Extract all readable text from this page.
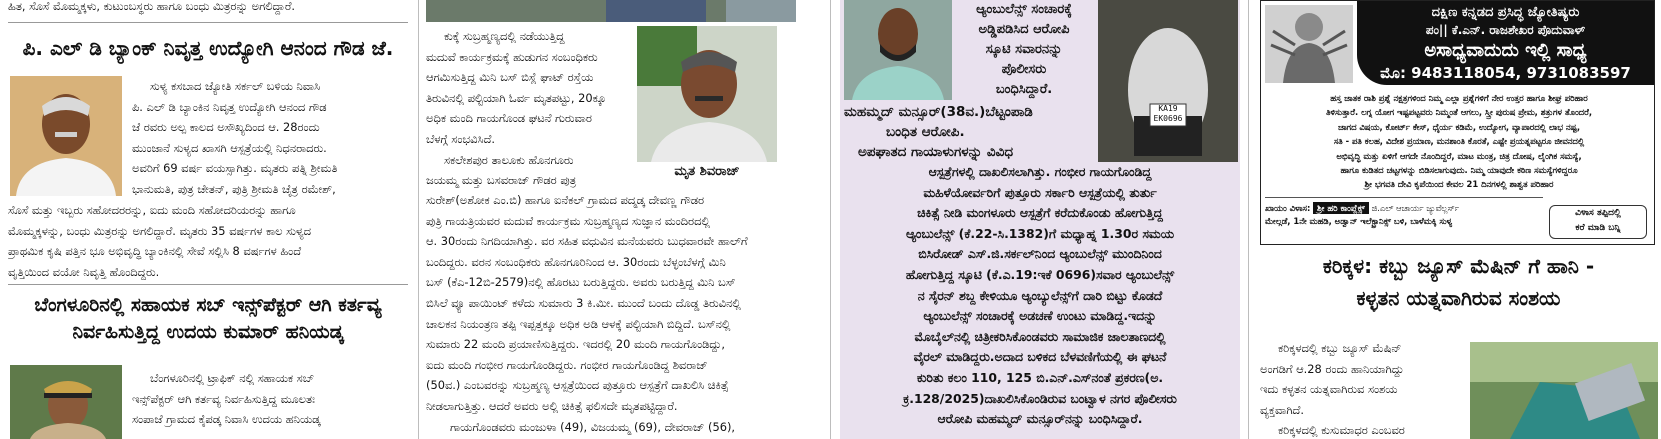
ಹಿತ, ಸೊಸೆ ಮೊಮ್ಮಕ್ಕಳು, ಕುಟುಂಬಸ್ಥರು ಹಾಗೂ ಬಂಧು ಮಿತ್ರರನ್ನು ಅಗಲಿದ್ದಾರೆ.

ಪಿ. ಎಲ್ ಡಿ ಬ್ಯಾಂಕ್ ನಿವೃತ್ತ ಉದ್ಯೋಗಿ ಆನಂದ ಗೌಡ ಜೆ.

ಸುಳ್ಯ ಕಸಬಾದ ಜ್ಯೋತಿ ಸರ್ಕಲ್ ಬಳಿಯ ನಿವಾಸಿ

ಪಿ. ಎಲ್ ಡಿ ಬ್ಯಾಂಕಿನ ನಿವೃತ್ತ ಉದ್ಯೋಗಿ ಆನಂದ ಗೌಡ

ಜೆ ರವರು ಅಲ್ಪ ಕಾಲದ ಅಸೌಖ್ಯದಿಂದ ಆ. 28ರಂದು

ಮುಂಜಾನೆ ಸುಳ್ಯದ ಖಾಸಗಿ ಆಸ್ಪತ್ರೆಯಲ್ಲಿ ನಿಧನರಾದರು.

ಅವರಿಗೆ 69 ವರ್ಷ ವಯಸ್ಸಾಗಿತ್ತು. ಮೃತರು ಪತ್ನಿ ಶ್ರೀಮತಿ

ಭಾನುಮತಿ, ಪುತ್ರ ಚೇತನ್, ಪುತ್ರಿ ಶ್ರೀಮತಿ ಚೈತ್ರ ರಮೇಶ್,

ಸೊಸೆ ಮತ್ತು ಇಬ್ಬರು ಸಹೋದರರನ್ನು, ಐದು ಮಂದಿ ಸಹೋದರಿಯರನ್ನು ಹಾಗೂ

ಮೊಮ್ಮಕ್ಕಳನ್ನು, ಬಂಧು ಮಿತ್ರರನ್ನು ಅಗಲಿದ್ದಾರೆ. ಮೃತರು 35 ವರ್ಷಗಳ ಕಾಲ ಸುಳ್ಯದ

ಪ್ರಾಥಮಿಕ ಕೃಷಿ ಪತ್ತಿನ ಭೂ ಅಭಿವೃದ್ಧಿ ಬ್ಯಾಂಕಿನಲ್ಲಿ ಸೇವೆ ಸಲ್ಲಿಸಿ 8 ವರ್ಷಗಳ ಹಿಂದೆ

ವೃತ್ತಿಯಿಂದ ವಯೋ ನಿವೃತ್ತಿ ಹೊಂದಿದ್ದರು.

ಬೆಂಗಳೂರಿನಲ್ಲಿ ಸಹಾಯಕ ಸಬ್ ಇನ್ಸ್‌ಪೆಕ್ಟರ್ ಆಗಿ ಕರ್ತವ್ಯ
ನಿರ್ವಹಿಸುತ್ತಿದ್ದ ಉದಯ ಕುಮಾರ್ ಹನಿಯಡ್ಕ

ಬೆಂಗಳೂರಿನಲ್ಲಿ ಟ್ರಾಫಿಕ್ ನಲ್ಲಿ ಸಹಾಯಕ ಸಬ್

ಇನ್ಸ್‌ಪೆಕ್ಟರ್ ಆಗಿ ಕರ್ತವ್ಯ ನಿರ್ವಹಿಸುತ್ತಿದ್ದ ಮೂಲತಃ

ಸಂಪಾಜೆ ಗ್ರಾಮದ ಕೈಪಡ್ಕ ನಿವಾಸಿ ಉದಯ ಹನಿಯಡ್ಕ

ಕುಕ್ಕೆ ಸುಬ್ರಹ್ಮಣ್ಯದಲ್ಲಿ ನಡೆಯುತ್ತಿದ್ದ

ಮದುವೆ ಕಾರ್ಯಕ್ರಮಕ್ಕೆ ಹುಡುಗನ ಸಂಬಂಧಿಕರು

ಆಗಮಿಸುತ್ತಿದ್ದ ಮಿನಿ ಬಸ್ ಬಿಸ್ಲೆ ಘಾಟ್ ರಸ್ತೆಯ

ತಿರುವಿನಲ್ಲಿ ಪಲ್ಟಿಯಾಗಿ ಓರ್ವ ಮೃತಪಟ್ಟು, 20ಕ್ಕೂ

ಅಧಿಕ ಮಂದಿ ಗಾಯಗೊಂಡ ಘಟನೆ ಗುರುವಾರ

ಬೆಳಗ್ಗೆ ಸಂಭವಿಸಿದೆ.

ಸಕಲೇಶಪುರ ತಾಲೂಕು ಹೊನಗೂರು

ಜಯಮ್ಮ ಮತ್ತು ಬಸವರಾಜ್ ಗೌಡರ ಪುತ್ರ

ಮೃತ ಶಿವರಾಜ್

ಸುರೇಶ್(ಅಶೋಕ ಎಂ.ಬಿ) ಹಾಗೂ ಐನೆಕಲ್ ಗ್ರಾಮದ ಪದ್ಮಡ್ಕ ದೇವಣ್ಣ ಗೌಡರ

ಪುತ್ರಿ ಗಾಯತ್ರಿಯವರ ಮದುವೆ ಕಾರ್ಯಕ್ರಮ ಸುಬ್ರಹ್ಮಣ್ಯದ ಸುಜ್ಞಾನ ಮಂದಿರದಲ್ಲಿ

ಆ. 30ರಂದು ನಿಗದಿಯಾಗಿತ್ತು. ವರ ಸಹಿತ ವಧುವಿನ ಮನೆಯವರು ಬುಧವಾರವೇ ಹಾಲ್‌ಗೆ

ಬಂದಿದ್ದರು. ವರನ ಸಂಬಂಧಿಕರು ಹೊನಗೂರಿನಿಂದ ಆ. 30ರಂದು ಬೆಳ್ಳಂಬೆಳಗ್ಗೆ ಮಿನಿ

ಬಸ್ (ಕೆಎ-12ಬಿ-2579)ನಲ್ಲಿ ಹೊರಟು ಬರುತ್ತಿದ್ದರು. ಅವರು ಬರುತ್ತಿದ್ದ ಮಿನಿ ಬಸ್

ಬಿಸಿಲೆ ವ್ಯೂ ಪಾಯಿಂಟ್ ಕಳೆದು ಸುಮಾರು 3 ಕಿ.ಮೀ. ಮುಂದೆ ಬಂದು ದೊಡ್ಡ ತಿರುವಿನಲ್ಲಿ

ಚಾಲಕನ ನಿಯಂತ್ರಣ ತಪ್ಪಿ ಇಪ್ಪತ್ತಕ್ಕೂ ಅಧಿಕ ಅಡಿ ಆಳಕ್ಕೆ ಪಲ್ಟಿಯಾಗಿ ಬಿದ್ದಿದೆ. ಬಸ್‌ನಲ್ಲಿ

ಸುಮಾರು 22 ಮಂದಿ ಪ್ರಯಾಣಿಸುತ್ತಿದ್ದರು. ಇದರಲ್ಲಿ 20 ಮಂದಿ ಗಾಯಗೊಂಡಿದ್ದು,

ಐದು ಮಂದಿ ಗಂಭೀರ ಗಾಯಗೊಂಡಿದ್ದರು. ಗಂಭೀರ ಗಾಯಗೊಂಡಿದ್ದ ಶಿವರಾಜ್

(50ವ.) ಎಂಬವರನ್ನು ಸುಬ್ರಹ್ಮಣ್ಯ ಆಸ್ಪತ್ರೆಯಿಂದ ಪುತ್ತೂರು ಆಸ್ಪತ್ರೆಗೆ ದಾಖಲಿಸಿ ಚಿಕಿತ್ಸೆ

ನೀಡಲಾಗುತ್ತಿತ್ತು. ಆದರೆ ಅವರು ಅಲ್ಲಿ ಚಿಕಿತ್ಸೆ ಫಲಿಸದೇ ಮೃತಪಟ್ಟಿದ್ದಾರೆ.

ಗಾಯಗೊಂಡವರು ಮಂಜುಳಾ (49), ವಿಜಯಮ್ಮ (69), ದೇವರಾಜ್ (56),

ಆ್ಯಂಬುಲೆನ್ಸ್ ಸಂಚಾರಕ್ಕೆ
ಅಡ್ಡಿಪಡಿಸಿದ ಆರೋಪಿ
ಸ್ಕೂಟಿ ಸವಾರನನ್ನು
ಪೊಲೀಸರು
ಬಂಧಿಸಿದ್ದಾರೆ.
KA19 EK0696
ಮಹಮ್ಮದ್ ಮನ್ಸೂರ್(38ವ.)ಬೆಟ್ಟಂಪಾಡಿ
ಬಂಧಿತ ಆರೋಪಿ.
ಅಪಘಾತದ ಗಾಯಾಳುಗಳನ್ನು ವಿವಿಧ
ಆಸ್ಪತ್ರೆಗಳಲ್ಲಿ ದಾಖಲಿಸಲಾಗಿತ್ತು. ಗಂಭೀರ ಗಾಯಗೊಂಡಿದ್ದ
ಮಹಿಳೆಯೋರ್ವರಿಗೆ ಪುತ್ತೂರು ಸರ್ಕಾರಿ ಆಸ್ಪತ್ರೆಯಲ್ಲಿ ತುರ್ತು
ಚಿಕಿತ್ಸೆ ನೀಡಿ ಮಂಗಳೂರು ಆಸ್ಪತ್ರೆಗೆ ಕರೆದುಕೊಂಡು ಹೋಗುತ್ತಿದ್ದ
ಆ್ಯಂಬುಲೆನ್ಸ್ (ಕೆ.22-ಸಿ.1382)ಗೆ ಮಧ್ಯಾಹ್ನ 1.30ರ ಸಮಯ
ಬಿಸಿರೋಡ್ ಎಸ್.ಜಿ.ಸರ್ಕಲ್‌ನಿಂದ ಆ್ಯಂಬುಲೆನ್ಸ್ ಮುಂದಿನಿಂದ
ಹೋಗುತ್ತಿದ್ದ ಸ್ಕೂಟಿ (ಕೆ.ಎ.19:ಇಕೆ 0696)ಸವಾರ ಆ್ಯಂಬುಲೆನ್ಸ್
ನ ಸೈರನ್ ಶಬ್ದ ಕೇಳಿಯೂ ಆ್ಯಂಬ್ಯುಲೆನ್ಸ್‌ಗೆ ದಾರಿ ಬಿಟ್ಟು ಕೊಡದೆ
ಆ್ಯಂಬುಲೆನ್ಸ್ ಸಂಚಾರಕ್ಕೆ ಅಡಚಣೆ ಉಂಟು ಮಾಡಿದ್ದ.ಇದನ್ನು
ಮೊಬೈಲ್‌ನಲ್ಲಿ ಚಿತ್ರೀಕರಿಸಿಕೊಂಡವರು ಸಾಮಾಜಿಕ ಜಾಲತಾಣದಲ್ಲಿ
ವೈರಲ್ ಮಾಡಿದ್ದರು.ಅದಾದ ಬಳಿಕದ ಬೆಳವಣಿಗೆಯಲ್ಲಿ ಈ ಘಟನೆ
ಕುರಿತು ಕಲಂ 110, 125 ಬಿ.ಎನ್.ಎಸ್‌ನಂತೆ ಪ್ರಕರಣ(ಅ.
ಕ್ರ.128/2025)ದಾಖಲಿಸಿಕೊಂಡಿರುವ ಬಂಟ್ವಾಳ ನಗರ ಪೊಲೀಸರು
ಆರೋಪಿ ಮಹಮ್ಮದ್ ಮನ್ಸೂರ್‌ನನ್ನು ಬಂಧಿಸಿದ್ದಾರೆ.
ದಕ್ಷಿಣ ಕನ್ನಡದ ಪ್ರಸಿದ್ಧ ಜ್ಯೋತಿಷ್ಯರು
ಪಂ|| ಕೆ.ಎನ್. ರಾಜಶೇಖರ ಪೊದುವಾಳ್
ಅಸಾಧ್ಯವಾದುದು ಇಲ್ಲಿ ಸಾಧ್ಯ
ಮೊ: 9483118054, 9731083597
ಹಸ್ತ ಜಾತಕ ರಾಶಿ ಪ್ರಶ್ನೆ ನಕ್ಷತ್ರಗಳಿಂದ ನಿಮ್ಮ ಎಲ್ಲಾ ಪ್ರಶ್ನೆಗಳಿಗೆ ನೇರ ಉತ್ತರ ಹಾಗೂ ಶೀಘ್ರ ಪರಿಹಾರ
ತಿಳಿಸುತ್ತಾರೆ. ಲಗ್ನ ಯೋಗ ಇಷ್ಟಪಟ್ಟವರು ನಿಮ್ಮಂತೆ ಆಗಲು, ಸ್ತ್ರೀ ಪುರುಷ ಪ್ರೇಮ, ಶತ್ರುಗಳ ತೊಂದರೆ,
ಜಾಗದ ವಿಷಯ, ಕೋರ್ಟ್ ಕೇಸ್, ಧೈರ್ಯ ಕಡಿಮೆ, ಉದ್ಯೋಗ, ವ್ಯಾಪಾರದಲ್ಲಿ ಲಾಭ ನಷ್ಟ,
ಸತಿ - ಪತಿ ಕಲಹ, ವಿದೇಶ ಪ್ರಯಾಣ, ಮನಶಾಂತಿ ಕೊರತೆ, ಎಷ್ಟೇ ಪ್ರಯತ್ನಪಟ್ಟರೂ ಜೀವನದಲ್ಲಿ
ಅಭಿವೃದ್ಧಿ ಮತ್ತು ಏಳಿಗೆ ಆಗದೇ ನೊಂದಿದ್ದರೆ, ಮಾಟ ಮಂತ್ರ, ಚಿತ್ರ ದೋಷ, ಲೈಂಗಿಕ ಸಮಸ್ಯೆ,
ಹಾಗೂ ಕುಡಿತದ ಚಟ್ಟಗಳನ್ನು ಬಿಡಿಸಲಾಗುವುದು. ನಿಮ್ಮ ಯಾವುದೇ ಕಠಿಣ ಸಮಸ್ಯೆಗಳಿದ್ದರೂ
ಶ್ರೀ ಭಗವತಿ ದೇವಿ ಕೃಪೆಯಿಂದ ಕೇವಲ 21 ದಿನಗಳಲ್ಲಿ ಶಾಶ್ವತ ಪರಿಹಾರ
ಖಾಯಂ ವಿಳಾಸ: ಶ್ರೀ ಹರಿ ಕಾಂಪ್ಲೆಕ್ಸ್ ಜಿ.ಎಲ್ ಆಚಾರ್ಯ ಜ್ಯುವೆಲ್ಲರ್ಸ್
ಮೇಲ್ಗಡೆ, 1ನೇ ಮಹಡಿ, ಅಡ್ವಾನ್ ಇಲೆಕ್ಟ್ರಾನಿಕ್ಸ್ ಬಳಿ, ಬಾಳೆಮಕ್ಕಿ ಸುಳ್ಯ
ವಿಳಾಸ ತಪ್ಪಿದಲ್ಲಿ
ಕರೆ ಮಾಡಿ ಬನ್ನಿ
ಕರಿಕ್ಕಳ: ಕಬ್ಬು ಜ್ಯೂಸ್ ಮೆಷಿನ್ ಗೆ ಹಾನಿ -
ಕಳ್ಳತನ ಯತ್ನವಾಗಿರುವ ಸಂಶಯ

ಕರಿಕ್ಕಳದಲ್ಲಿ ಕಬ್ಬು ಜ್ಯೂಸ್ ಮೆಷಿನ್

ಅಂಗಡಿಗೆ ಆ.28 ರಂದು ಹಾನಿಯಾಗಿದ್ದು

ಇದು ಕಳ್ಳತನ ಯತ್ನವಾಗಿರುವ ಸಂಶಯ

ವ್ಯಕ್ತವಾಗಿದೆ.

ಕರಿಕ್ಕಳದಲ್ಲಿ ಕುಸುಮಾಧರ ಎಂಬವರ
